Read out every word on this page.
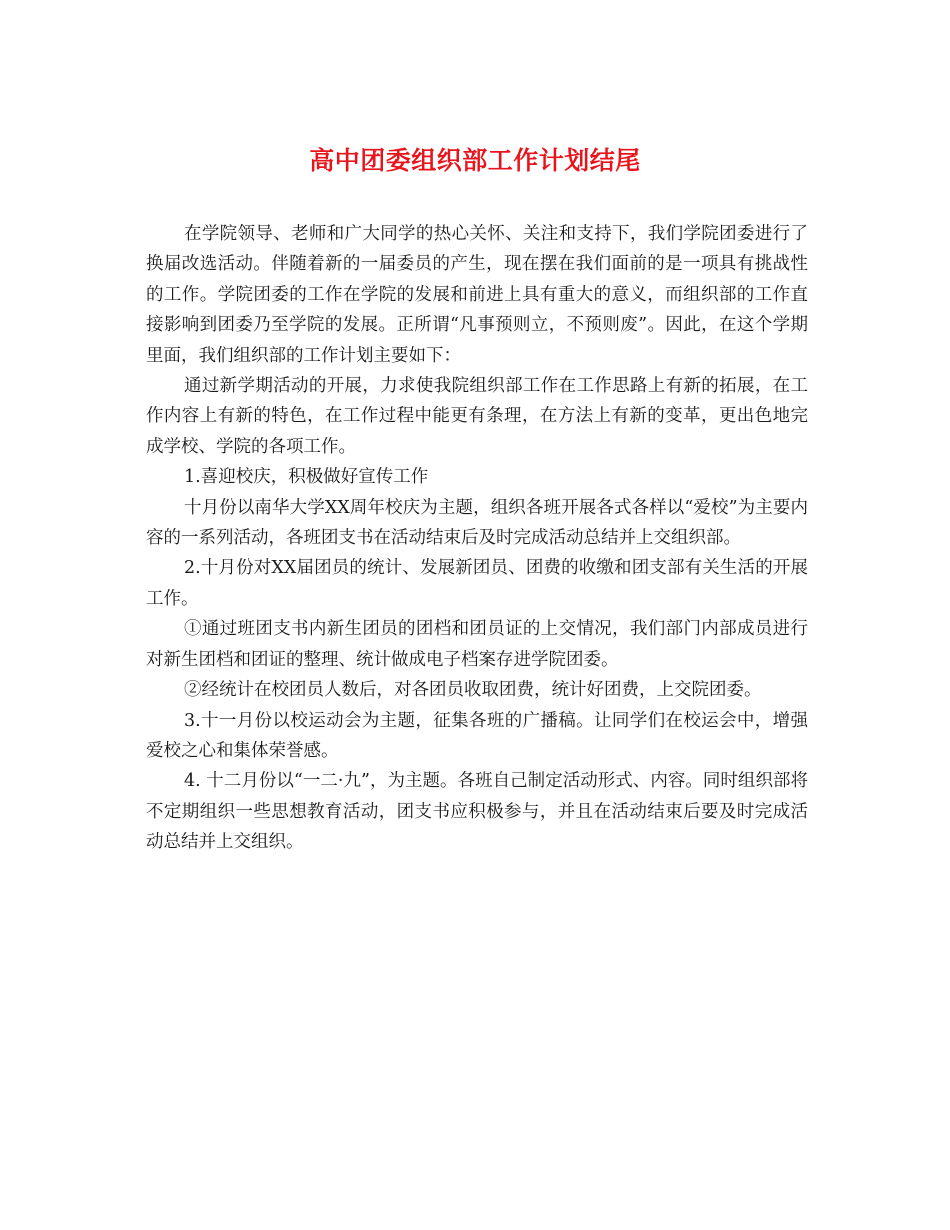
高中团委组织部工作计划结尾

在学院领导、老师和广大同学的热心关怀、关注和支持下，我们学院团委进行了换届改选活动。伴随着新的一届委员的产生，现在摆在我们面前的是一项具有挑战性的工作。学院团委的工作在学院的发展和前进上具有重大的意义，而组织部的工作直接影响到团委乃至学院的发展。正所谓“凡事预则立，不预则废”。因此，在这个学期里面，我们组织部的工作计划主要如下：

通过新学期活动的开展，力求使我院组织部工作在工作思路上有新的拓展，在工作内容上有新的特色，在工作过程中能更有条理，在方法上有新的变革，更出色地完成学校、学院的各项工作。

1.喜迎校庆，积极做好宣传工作

十月份以南华大学XX周年校庆为主题，组织各班开展各式各样以“爱校”为主要内容的一系列活动，各班团支书在活动结束后及时完成活动总结并上交组织部。

2.十月份对XX届团员的统计、发展新团员、团费的收缴和团支部有关生活的开展工作。

①通过班团支书内新生团员的团档和团员证的上交情况，我们部门内部成员进行对新生团档和团证的整理、统计做成电子档案存进学院团委。

②经统计在校团员人数后，对各团员收取团费，统计好团费，上交院团委。

3.十一月份以校运动会为主题，征集各班的广播稿。让同学们在校运会中，增强爱校之心和集体荣誉感。

4. 十二月份以“一二·九”，为主题。各班自己制定活动形式、内容。同时组织部将不定期组织一些思想教育活动，团支书应积极参与，并且在活动结束后要及时完成活动总结并上交组织。
